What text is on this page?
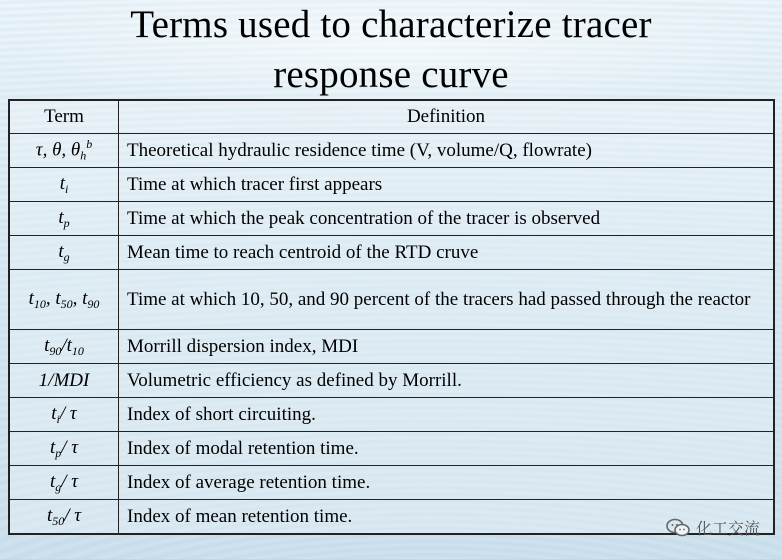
Terms used to characterize tracer
response curve
Term	Definition
τ, θ, $\theta_h^b$	Theoretical hydraulic residence time (V, volume/Q, flowrate)
$t_i$	Time at which tracer first appears
$t_p$	Time at which the peak concentration of the tracer is observed
$t_g$	Mean time to reach centroid of the RTD cruve
$t_{10}$, $t_{50}$, $t_{90}$	Time at which 10, 50, and 90 percent of the tracers had passed through the reactor
$t_{90}/t_{10}$	Morrill dispersion index, MDI
1/MDI	Volumetric efficiency as defined by Morrill.
$t_i/$ τ	Index of short circuiting.
$t_p/$ τ	Index of modal retention time.
$t_g/$ τ	Index of average retention time.
$t_{50}/$ τ	Index of mean retention time.
化工交流
